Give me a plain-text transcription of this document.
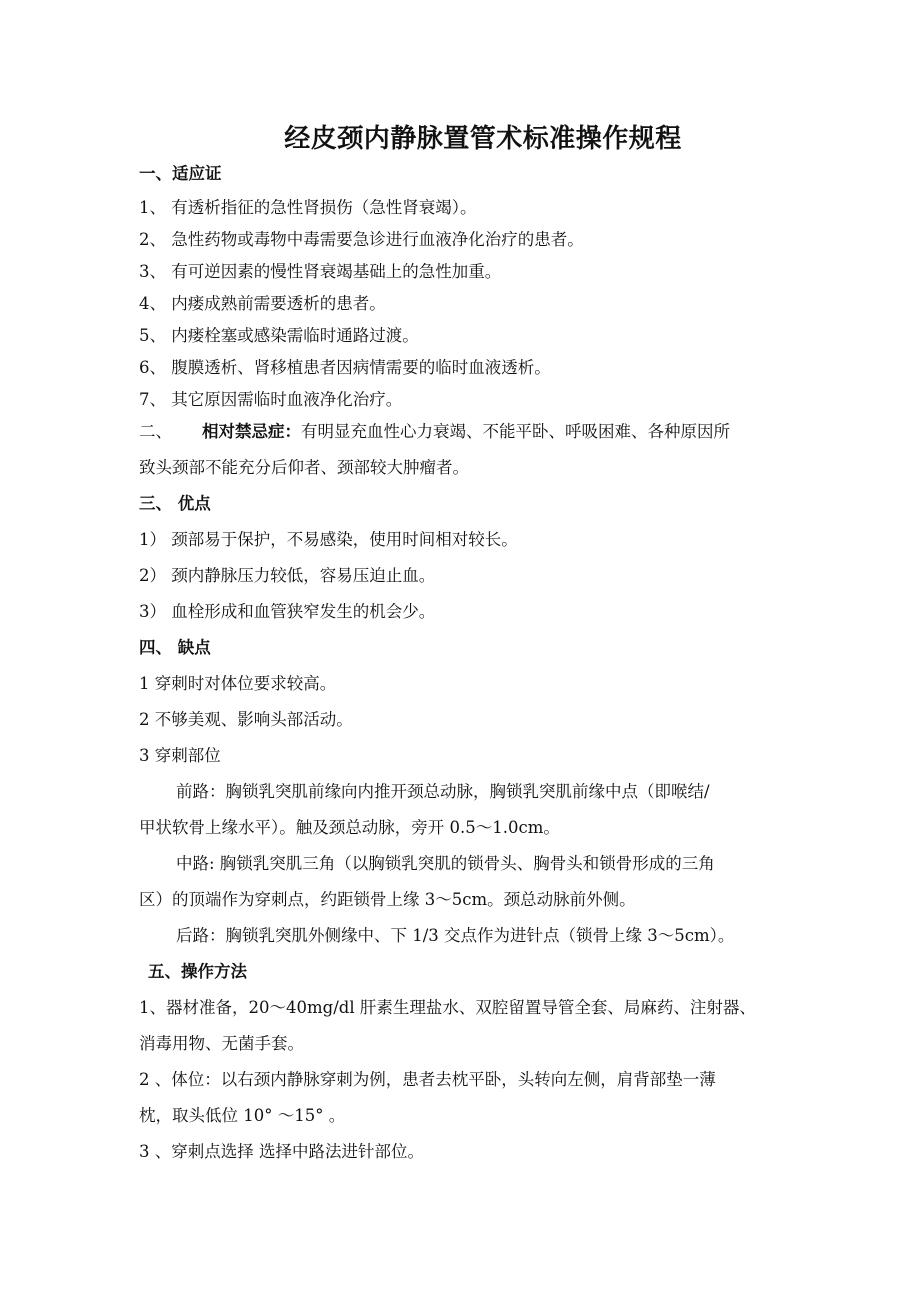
经皮颈内静脉置管术标准操作规程
一、适应证
1、 有透析指征的急性肾损伤（急性肾衰竭）。
2、 急性药物或毒物中毒需要急诊进行血液净化治疗的患者。
3、 有可逆因素的慢性肾衰竭基础上的急性加重。
4、 内瘘成熟前需要透析的患者。
5、 内瘘栓塞或感染需临时通路过渡。
6、 腹膜透析、肾移植患者因病情需要的临时血液透析。
7、 其它原因需临时血液净化治疗。
二、 相对禁忌症：有明显充血性心力衰竭、不能平卧、呼吸困难、各种原因所
致头颈部不能充分后仰者、颈部较大肿瘤者。
三、 优点
1） 颈部易于保护，不易感染，使用时间相对较长。
2） 颈内静脉压力较低，容易压迫止血。
3） 血栓形成和血管狭窄发生的机会少。
四、 缺点
1 穿刺时对体位要求较高。
2 不够美观、影响头部活动。
3 穿刺部位
前路：胸锁乳突肌前缘向内推开颈总动脉，胸锁乳突肌前缘中点（即喉结/
甲状软骨上缘水平）。触及颈总动脉，旁开 0.5～1.0cm。
中路: 胸锁乳突肌三角（以胸锁乳突肌的锁骨头、胸骨头和锁骨形成的三角
区）的顶端作为穿刺点，约距锁骨上缘 3～5cm。颈总动脉前外侧。
后路：胸锁乳突肌外侧缘中、下 1/3 交点作为进针点（锁骨上缘 3～5cm）。
五、操作方法
1、器材准备，20～40mg/dl 肝素生理盐水、双腔留置导管全套、局麻药、注射器、
消毒用物、无菌手套。
2 、体位：以右颈内静脉穿刺为例，患者去枕平卧，头转向左侧，肩背部垫一薄
枕，取头低位 10° ～15° 。
3 、穿刺点选择 选择中路法进针部位。
